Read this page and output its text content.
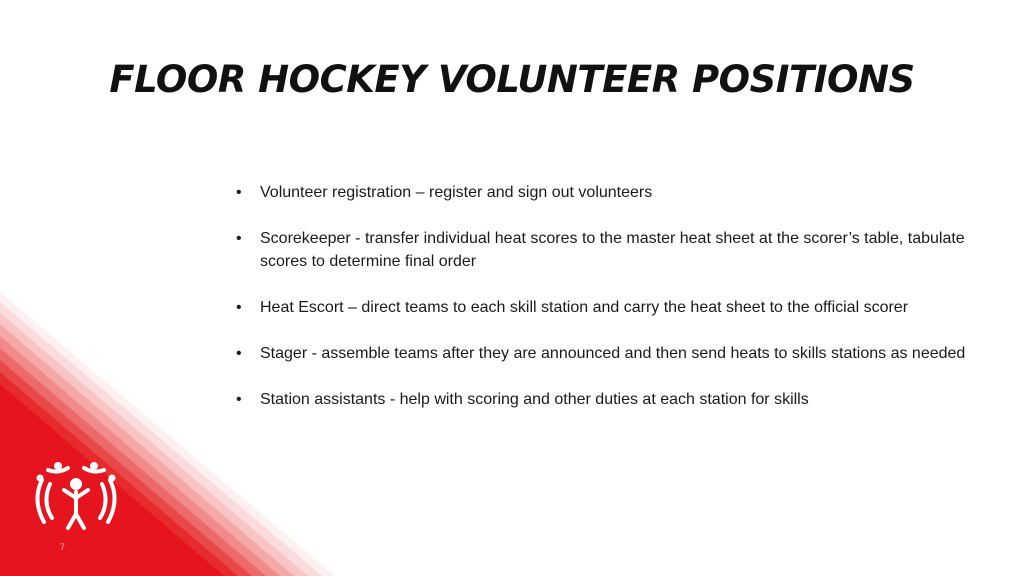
FLOOR HOCKEY VOLUNTEER POSITIONS
• Volunteer registration – register and sign out volunteers
• Scorekeeper - transfer individual heat scores to the master heat sheet at the scorer’s table, tabulate scores to determine final order
• Heat Escort – direct teams to each skill station and carry the heat sheet to the official scorer
• Stager - assemble teams after they are announced and then send heats to skills stations as needed
• Station assistants - help with scoring and other duties at each station for skills
7
